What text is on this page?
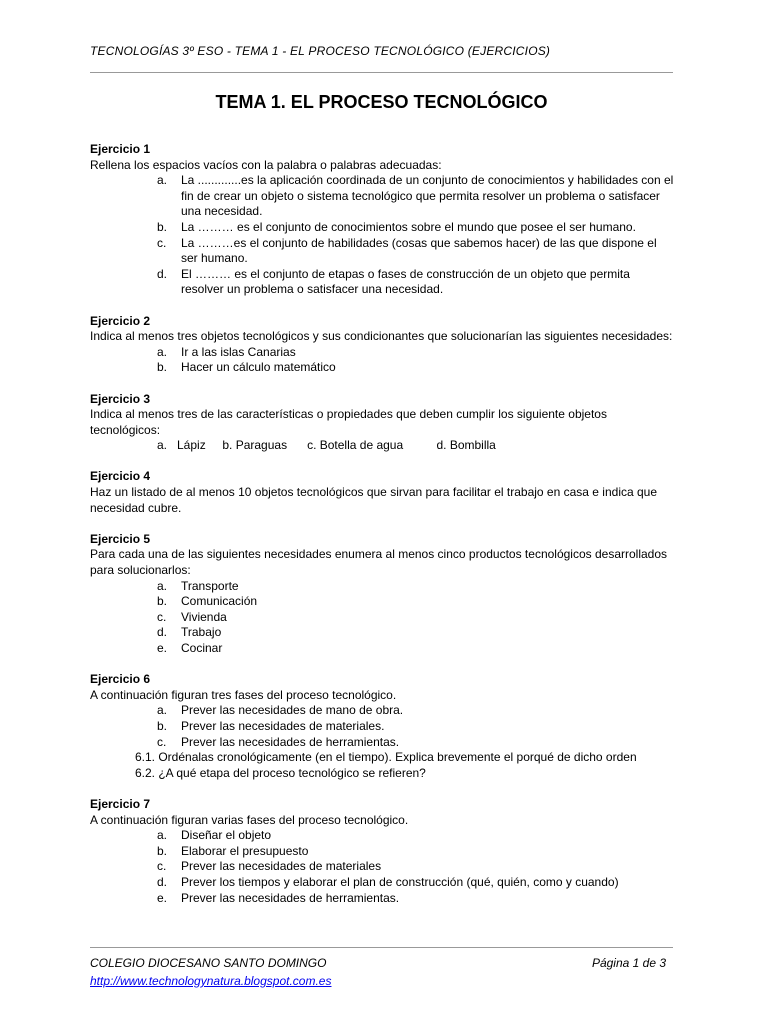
TECNOLOGÍAS 3º ESO - TEMA 1 - EL PROCESO TECNOLÓGICO (EJERCICIOS)
TEMA 1. EL PROCESO TECNOLÓGICO
Ejercicio 1
Rellena los espacios vacíos con la palabra o palabras adecuadas:
a. La .............es la aplicación coordinada de un conjunto de conocimientos y habilidades con el fin de crear un objeto o sistema tecnológico que permita resolver un problema o satisfacer una necesidad.
b. La ……… es el conjunto de conocimientos sobre el mundo que posee el ser humano.
c. La ………es el conjunto de habilidades (cosas que sabemos hacer) de las que dispone el ser humano.
d. El ……… es el conjunto de etapas o fases de construcción de un objeto que permita resolver un problema o satisfacer una necesidad.
Ejercicio 2
Indica al menos tres objetos tecnológicos y sus condicionantes que solucionarían las siguientes necesidades:
a. Ir a las islas Canarias
b. Hacer un cálculo matemático
Ejercicio 3
Indica al menos tres de las características o propiedades que deben cumplir los siguiente objetos tecnológicos:
a.   Lápiz     b. Paraguas      c. Botella de agua          d. Bombilla
Ejercicio 4
Haz un listado de al menos 10 objetos tecnológicos que sirvan para facilitar el trabajo en casa e indica que necesidad cubre.
Ejercicio 5
Para cada una de las siguientes necesidades enumera al menos cinco productos tecnológicos desarrollados para solucionarlos:
a. Transporte
b. Comunicación
c. Vivienda
d. Trabajo
e. Cocinar
Ejercicio 6
A continuación figuran tres fases del proceso tecnológico.
a. Prever las necesidades de mano de obra.
b. Prever las necesidades de materiales.
c. Prever las necesidades de herramientas.
6.1. Ordénalas cronológicamente (en el tiempo). Explica brevemente el porqué de dicho orden
6.2. ¿A qué etapa del proceso tecnológico se refieren?
Ejercicio 7
A continuación figuran varias fases del proceso tecnológico.
a. Diseñar el objeto
b. Elaborar el presupuesto
c. Prever las necesidades de materiales
d. Prever los tiempos y elaborar el plan de construcción (qué, quién, como y cuando)
e. Prever las necesidades de herramientas.
COLEGIO DIOCESANO SANTO DOMINGO	Página 1 de 3
http://www.technologynatura.blogspot.com.es
